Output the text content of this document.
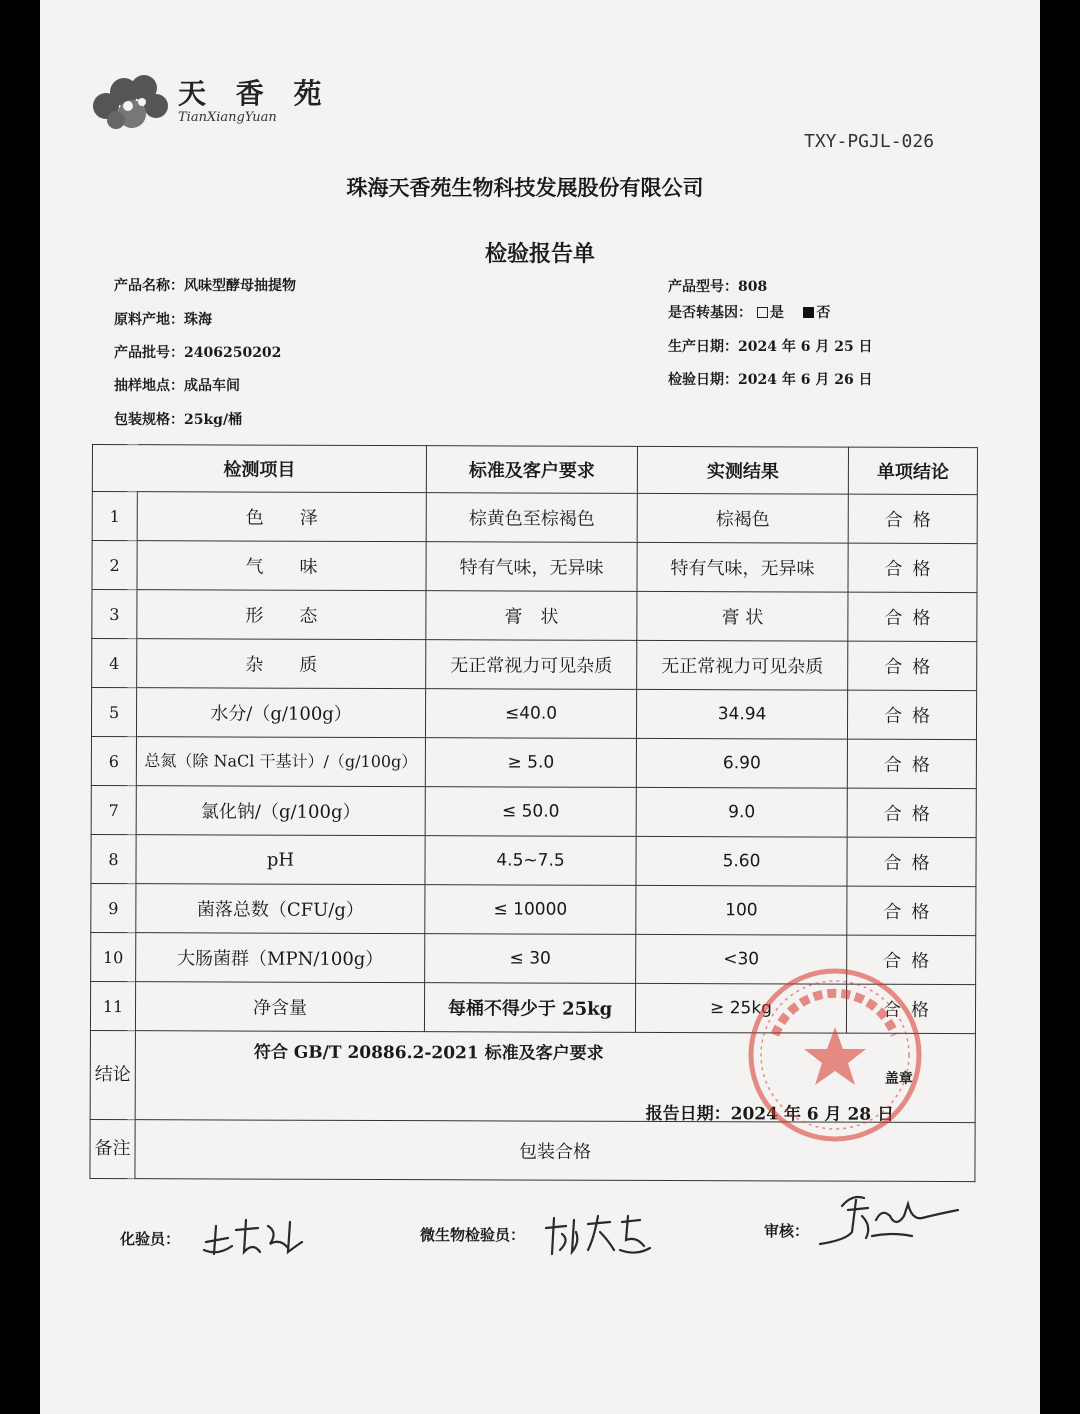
天 香 苑
TianXiangYuan
TXY-PGJL-026
珠海天香苑生物科技发展股份有限公司
检验报告单
产品名称：风味型酵母抽提物
原料产地：珠海
产品批号：2406250202
抽样地点：成品车间
包装规格：25kg/桶
产品型号：808
是否转基因： 是 否
生产日期：2024 年 6 月 25 日
检验日期：2024 年 6 月 26 日
检测项目		标准及客户要求	实测结果	单项结论
1	色　　泽	棕黄色至棕褐色	棕褐色	合格
2	气　　味	特有气味，无异味	特有气味，无异味	合格
3	形　　态	膏　状	膏 状	合格
4	杂　　质	无正常视力可见杂质	无正常视力可见杂质	合格
5	水分/（g/100g）	≤40.0	34.94	合格
6	总氮（除 NaCl 干基计）/（g/100g）	≥ 5.0	6.90	合格
7	氯化钠/（g/100g）	≤ 50.0	9.0	合格
8	pH	4.5~7.5	5.60	合格
9	菌落总数（CFU/g）	≤ 10000	100	合格
10	大肠菌群（MPN/100g）	≤ 30	<30	合格
11	净含量	每桶不得少于 25kg	≥ 25kg	合格
结论	符合 GB/T 20886.2-2021 标准及客户要求
盖章
报告日期：2024 年 6 月 28 日			

备注	包装合格			
化验员：	微生物检验员：	审核：
